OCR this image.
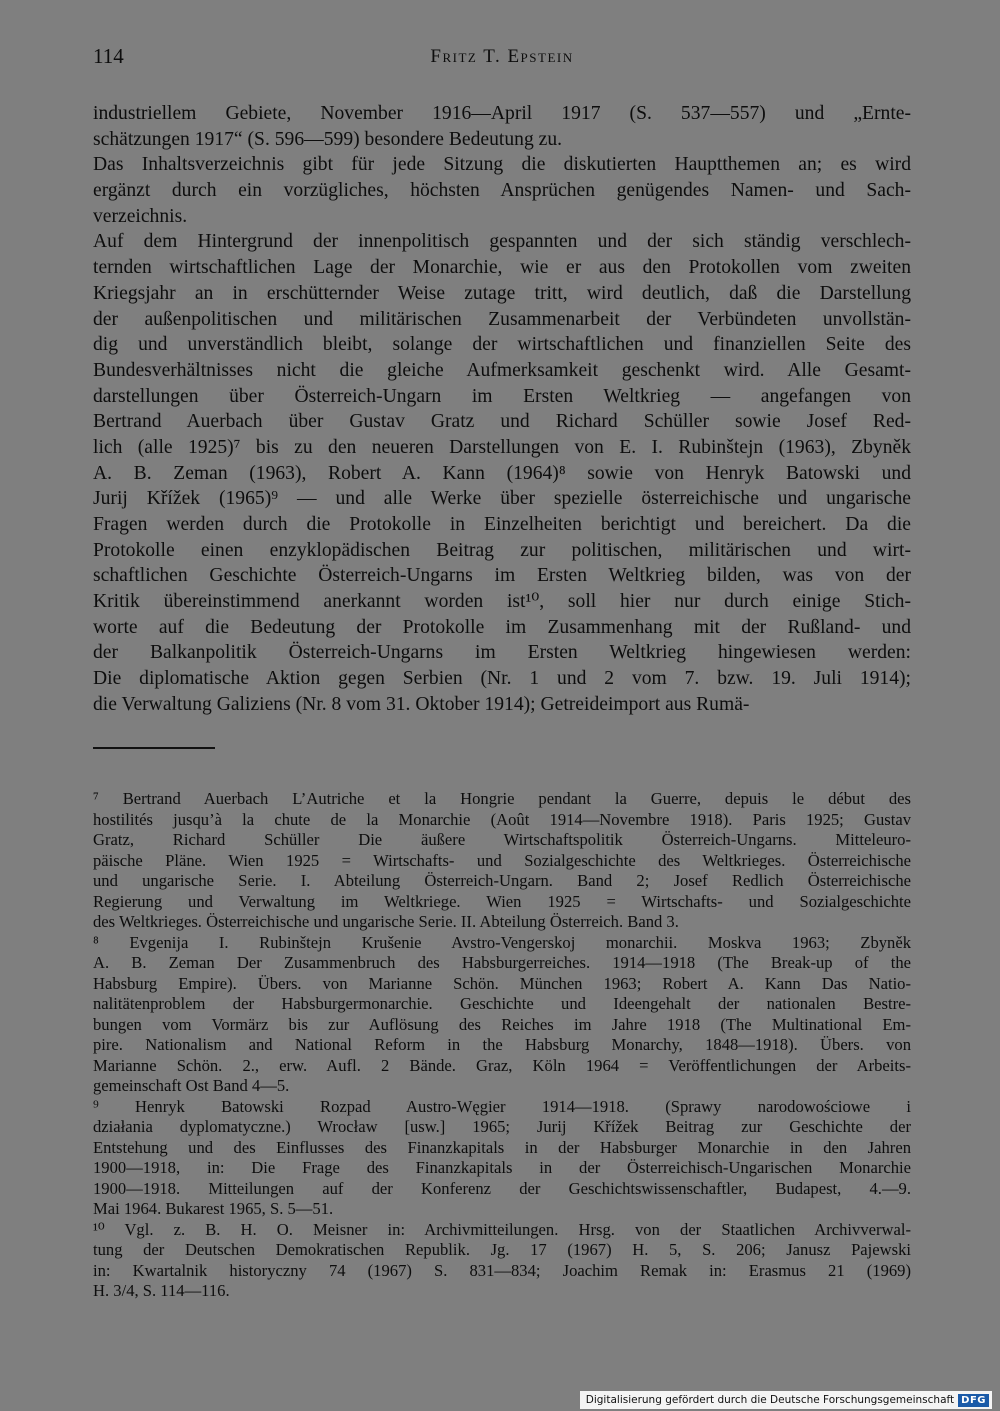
114	Fritz T. Epstein
industriellem Gebiete, November 1916—April 1917 (S. 537—557) und „Ernte-
schätzungen 1917“ (S. 596—599) besondere Bedeutung zu.
Das Inhaltsverzeichnis gibt für jede Sitzung die diskutierten Hauptthemen an; es wird
ergänzt durch ein vorzügliches, höchsten Ansprüchen genügendes Namen- und Sach-
verzeichnis.
Auf dem Hintergrund der innenpolitisch gespannten und der sich ständig verschlech-
ternden wirtschaftlichen Lage der Monarchie, wie er aus den Protokollen vom zweiten
Kriegsjahr an in erschütternder Weise zutage tritt, wird deutlich, daß die Darstellung
der außenpolitischen und militärischen Zusammenarbeit der Verbündeten unvollstän-
dig und unverständlich bleibt, solange der wirtschaftlichen und finanziellen Seite des
Bundesverhältnisses nicht die gleiche Aufmerksamkeit geschenkt wird. Alle Gesamt-
darstellungen über Österreich-Ungarn im Ersten Weltkrieg — angefangen von
Bertrand Auerbach über Gustav Gratz und Richard Schüller sowie Josef Red-
lich (alle 1925)⁷ bis zu den neueren Darstellungen von E. I. Rubinštejn (1963), Zbyněk
A. B. Zeman (1963), Robert A. Kann (1964)⁸ sowie von Henryk Batowski und
Jurij Křížek (1965)⁹ — und alle Werke über spezielle österreichische und ungarische
Fragen werden durch die Protokolle in Einzelheiten berichtigt und bereichert. Da die
Protokolle einen enzyklopädischen Beitrag zur politischen, militärischen und wirt-
schaftlichen Geschichte Österreich-Ungarns im Ersten Weltkrieg bilden, was von der
Kritik übereinstimmend anerkannt worden ist¹⁰, soll hier nur durch einige Stich-
worte auf die Bedeutung der Protokolle im Zusammenhang mit der Rußland- und
der Balkanpolitik Österreich-Ungarns im Ersten Weltkrieg hingewiesen werden:
Die diplomatische Aktion gegen Serbien (Nr. 1 und 2 vom 7. bzw. 19. Juli 1914);
die Verwaltung Galiziens (Nr. 8 vom 31. Oktober 1914); Getreideimport aus Rumä-
⁷ Bertrand Auerbach L’Autriche et la Hongrie pendant la Guerre, depuis le début des
hostilités jusqu’à la chute de la Monarchie (Août 1914—Novembre 1918). Paris 1925; Gustav
Gratz, Richard Schüller Die äußere Wirtschaftspolitik Österreich-Ungarns. Mitteleuro-
päische Pläne. Wien 1925 = Wirtschafts- und Sozialgeschichte des Weltkrieges. Österreichische
und ungarische Serie. I. Abteilung Österreich-Ungarn. Band 2; Josef Redlich Österreichische
Regierung und Verwaltung im Weltkriege. Wien 1925 = Wirtschafts- und Sozialgeschichte
des Weltkrieges. Österreichische und ungarische Serie. II. Abteilung Österreich. Band 3.
⁸ Evgenija I. Rubinštejn Krušenie Avstro-Vengerskoj monarchii. Moskva 1963; Zbyněk
A. B. Zeman Der Zusammenbruch des Habsburgerreiches. 1914—1918 (The Break-up of the
Habsburg Empire). Übers. von Marianne Schön. München 1963; Robert A. Kann Das Natio-
nalitätenproblem der Habsburgermonarchie. Geschichte und Ideengehalt der nationalen Bestre-
bungen vom Vormärz bis zur Auflösung des Reiches im Jahre 1918 (The Multinational Em-
pire. Nationalism and National Reform in the Habsburg Monarchy, 1848—1918). Übers. von
Marianne Schön. 2., erw. Aufl. 2 Bände. Graz, Köln 1964 = Veröffentlichungen der Arbeits-
gemeinschaft Ost Band 4—5.
⁹ Henryk Batowski Rozpad Austro-Węgier 1914—1918. (Sprawy narodowościowe i
działania dyplomatyczne.) Wrocław [usw.] 1965; Jurij Křížek Beitrag zur Geschichte der
Entstehung und des Einflusses des Finanzkapitals in der Habsburger Monarchie in den Jahren
1900—1918, in: Die Frage des Finanzkapitals in der Österreichisch-Ungarischen Monarchie
1900—1918. Mitteilungen auf der Konferenz der Geschichtswissenschaftler, Budapest, 4.—9.
Mai 1964. Bukarest 1965, S. 5—51.
¹⁰ Vgl. z. B. H. O. Meisner in: Archivmitteilungen. Hrsg. von der Staatlichen Archivverwal-
tung der Deutschen Demokratischen Republik. Jg. 17 (1967) H. 5, S. 206; Janusz Pajewski
in: Kwartalnik historyczny 74 (1967) S. 831—834; Joachim Remak in: Erasmus 21 (1969)
H. 3/4, S. 114—116.
Digitalisierung gefördert durch die Deutsche Forschungsgemeinschaft DFG
